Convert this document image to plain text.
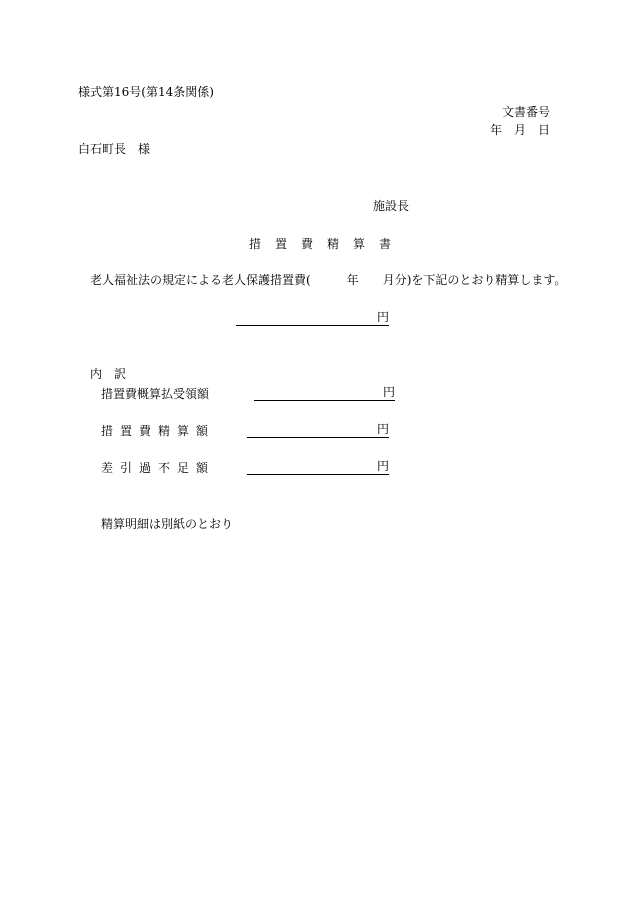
様式第16号(第14条関係)
文書番号
年　月　日
白石町長　様
施設長
措置費精算書
老人福祉法の規定による老人保護措置費(	年 月分)を下記のとおり精算します。
円
内　訳
措置費概算払受領額	円
措置費精算額	円
差引過不足額	円
精算明細は別紙のとおり
